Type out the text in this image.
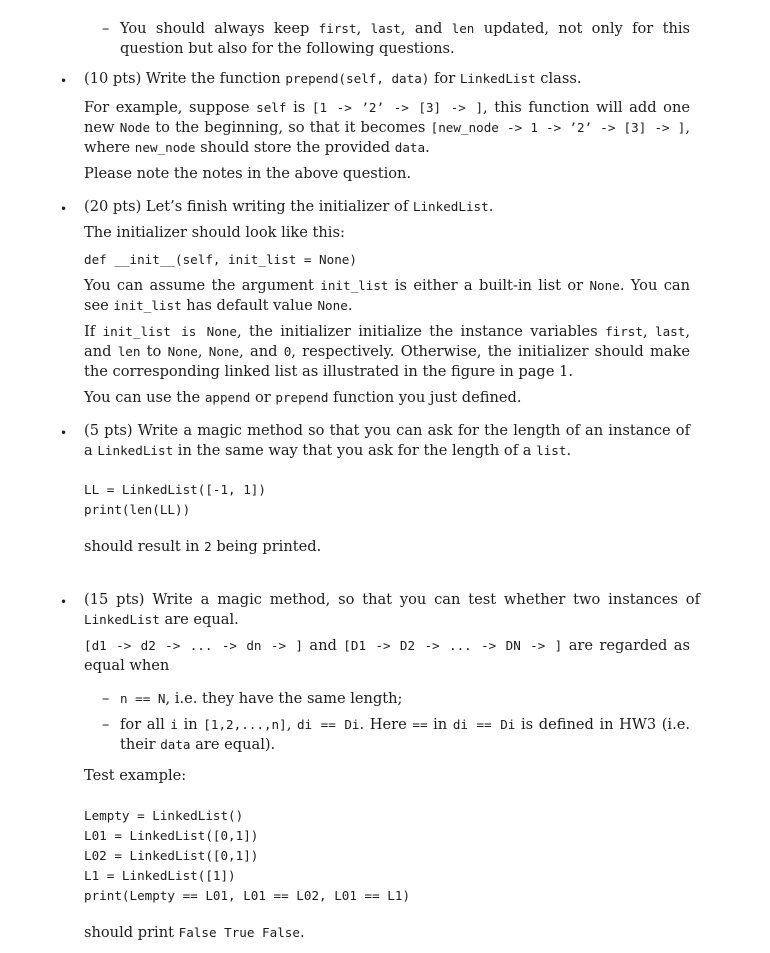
– You should always keep first, last, and len updated, not only for this question but also for the following questions.

• (10 pts) Write the function prepend(self, data) for LinkedList class.

For example, suppose self is [1 -> ’2’ -> [3] -> ], this function will add one new Node to the beginning, so that it becomes [new_node -> 1 -> ’2’ -> [3] -> ], where new_node should store the provided data.

Please note the notes in the above question.

• (20 pts) Let’s finish writing the initializer of LinkedList.

The initializer should look like this:

def __init__(self, init_list = None)

You can assume the argument init_list is either a built-in list or None. You can see init_list has default value None.

If init_list is None, the initializer initialize the instance variables first, last, and len to None, None, and 0, respectively. Otherwise, the initializer should make the corresponding linked list as illustrated in the figure in page 1.

You can use the append or prepend function you just defined.

• (5 pts) Write a magic method so that you can ask for the length of an instance of a LinkedList in the same way that you ask for the length of a list.

LL = LinkedList([-1, 1])
print(len(LL))

should result in 2 being printed.

• (15 pts) Write a magic method, so that you can test whether two instances of LinkedList are equal.

[d1 -> d2 -> ... -> dn -> ] and [D1 -> D2 -> ... -> DN -> ] are regarded as equal when

– n == N, i.e. they have the same length;

– for all i in [1,2,...,n], di == Di. Here == in di == Di is defined in HW3 (i.e. their data are equal).

Test example:

Lempty = LinkedList()
L01 = LinkedList([0,1])
L02 = LinkedList([0,1])
L1 = LinkedList([1])
print(Lempty == L01, L01 == L02, L01 == L1)

should print False True False.
